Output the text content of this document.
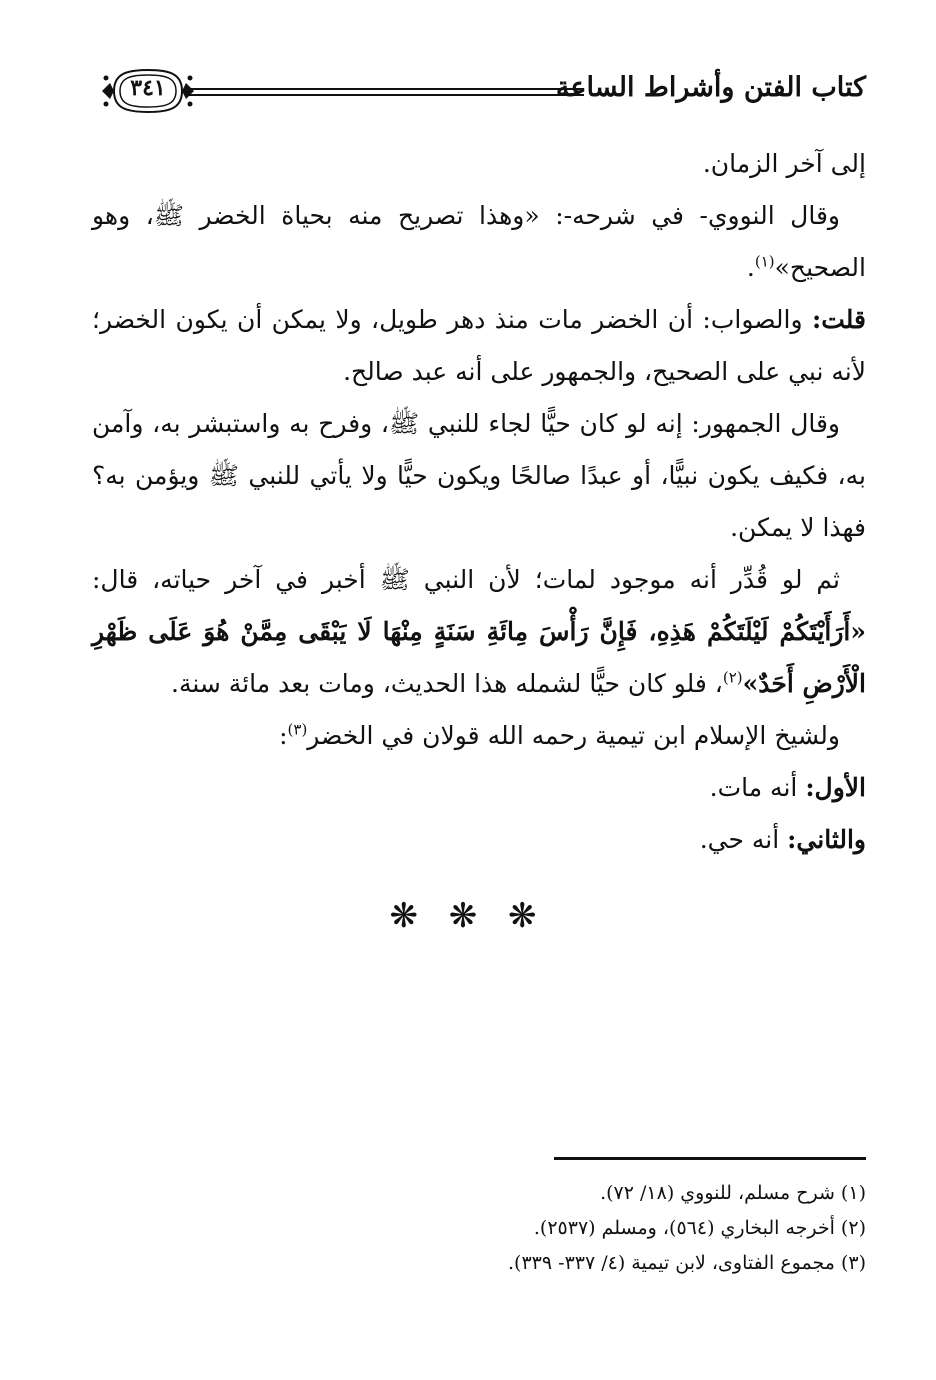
كتاب الفتن وأشراط الساعة
٣٤١

إلى آخر الزمان.

وقال النووي- في شرحه-: «وهذا تصريح منه بحياة الخضر ﷺ، وهو الصحيح»$^{(١)}$.

قلت: والصواب: أن الخضر مات منذ دهر طويل، ولا يمكن أن يكون الخضر؛ لأنه نبي على الصحيح، والجمهور على أنه عبد صالح.

وقال الجمهور: إنه لو كان حيًّا لجاء للنبي ﷺ، وفرح به واستبشر به، وآمن به، فكيف يكون نبيًّا، أو عبدًا صالحًا ويكون حيًّا ولا يأتي للنبي ﷺ ويؤمن به؟ فهذا لا يمكن.

ثم لو قُدِّر أنه موجود لمات؛ لأن النبي ﷺ أخبر في آخر حياته، قال: «أَرَأَيْتَكُمْ لَيْلَتَكُمْ هَذِهِ، فَإِنَّ رَأْسَ مِائَةِ سَنَةٍ مِنْهَا لَا يَبْقَى مِمَّنْ هُوَ عَلَى ظَهْرِ الْأَرْضِ أَحَدٌ»$^{(٢)}$، فلو كان حيًّا لشمله هذا الحديث، ومات بعد مائة سنة.

ولشيخ الإسلام ابن تيمية رحمه الله قولان في الخضر$^{(٣)}$:

الأول: أنه مات.

والثاني: أنه حي.

❋ ❋ ❋

(١) شرح مسلم، للنووي (١٨/ ٧٢).

(٢) أخرجه البخاري (٥٦٤)، ومسلم (٢٥٣٧).

(٣) مجموع الفتاوى، لابن تيمية (٤/ ٣٣٧- ٣٣٩).
